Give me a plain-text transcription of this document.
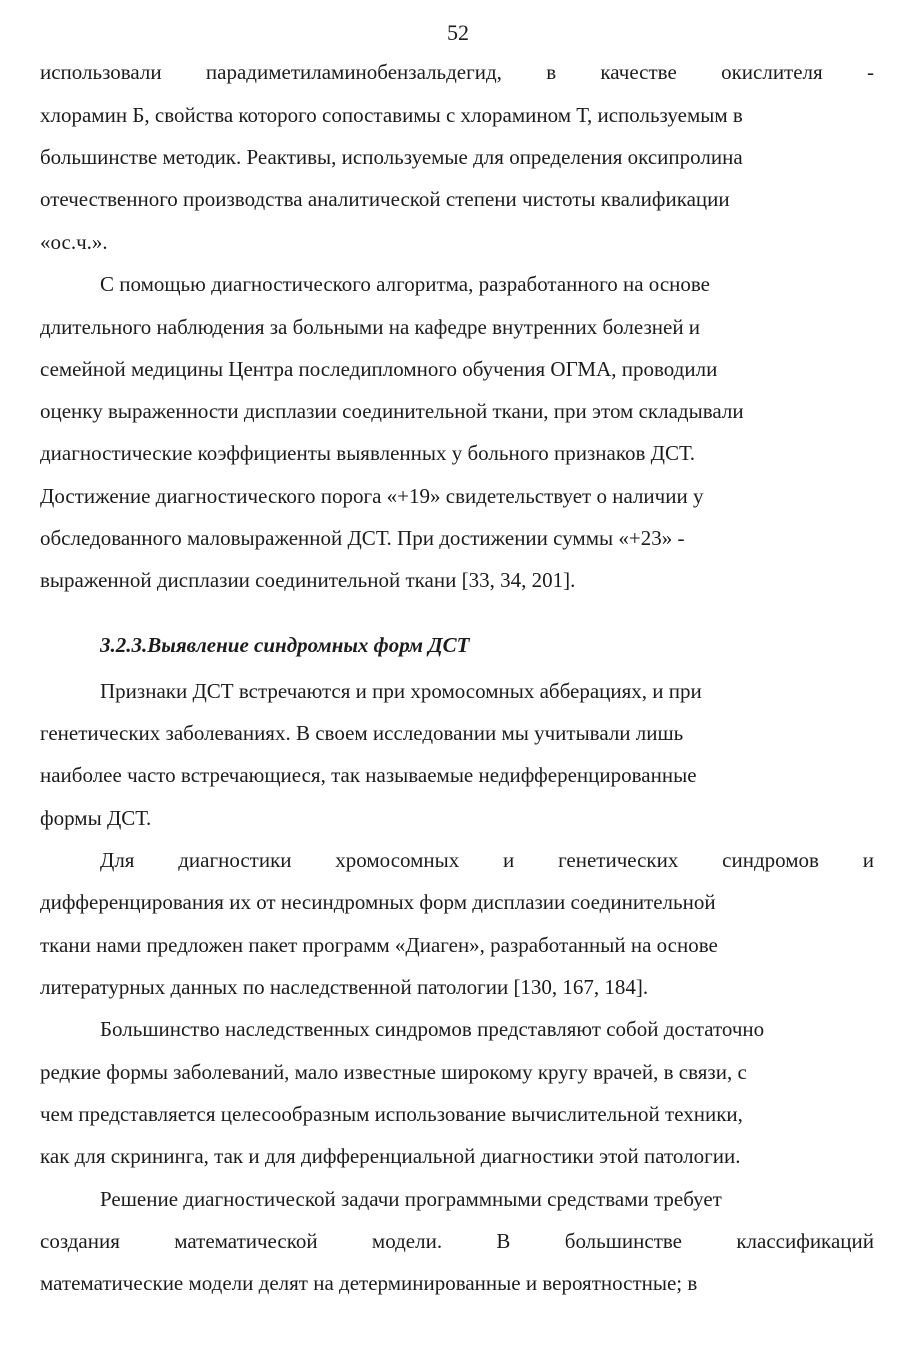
52
использовали парадиметиламинобензальдегид, в качестве окислителя -
хлорамин Б, свойства которого сопоставимы с хлорамином Т, используемым в
большинстве методик. Реактивы, используемые для определения оксипролина
отечественного производства аналитической степени чистоты квалификации
«ос.ч.».
С помощью диагностического алгоритма, разработанного на основе
длительного наблюдения за больными на кафедре внутренних болезней и
семейной медицины Центра последипломного обучения ОГМА, проводили
оценку выраженности дисплазии соединительной ткани, при этом складывали
диагностические коэффициенты выявленных у больного признаков ДСТ.
Достижение диагностического порога «+19» свидетельствует о наличии у
обследованного маловыраженной ДСТ. При достижении суммы «+23» -
выраженной дисплазии соединительной ткани [33, 34, 201].
3.2.3.Выявление синдромных форм ДСТ
Признаки ДСТ встречаются и при хромосомных абберациях, и при
генетических заболеваниях. В своем исследовании мы учитывали лишь
наиболее часто встречающиеся, так называемые недифференцированные
формы ДСТ.
Для диагностики хромосомных и генетических синдромов и
дифференцирования их от несиндромных форм дисплазии соединительной
ткани нами предложен пакет программ «Диаген», разработанный на основе
литературных данных по наследственной патологии [130, 167, 184].
Большинство наследственных синдромов представляют собой достаточно
редкие формы заболеваний, мало известные широкому кругу врачей, в связи, с
чем представляется целесообразным использование вычислительной техники,
как для скрининга, так и для дифференциальной диагностики этой патологии.
Решение диагностической задачи программными средствами требует
создания	математической	модели.	В	большинстве	классификаций
математические модели делят на детерминированные и вероятностные; в
